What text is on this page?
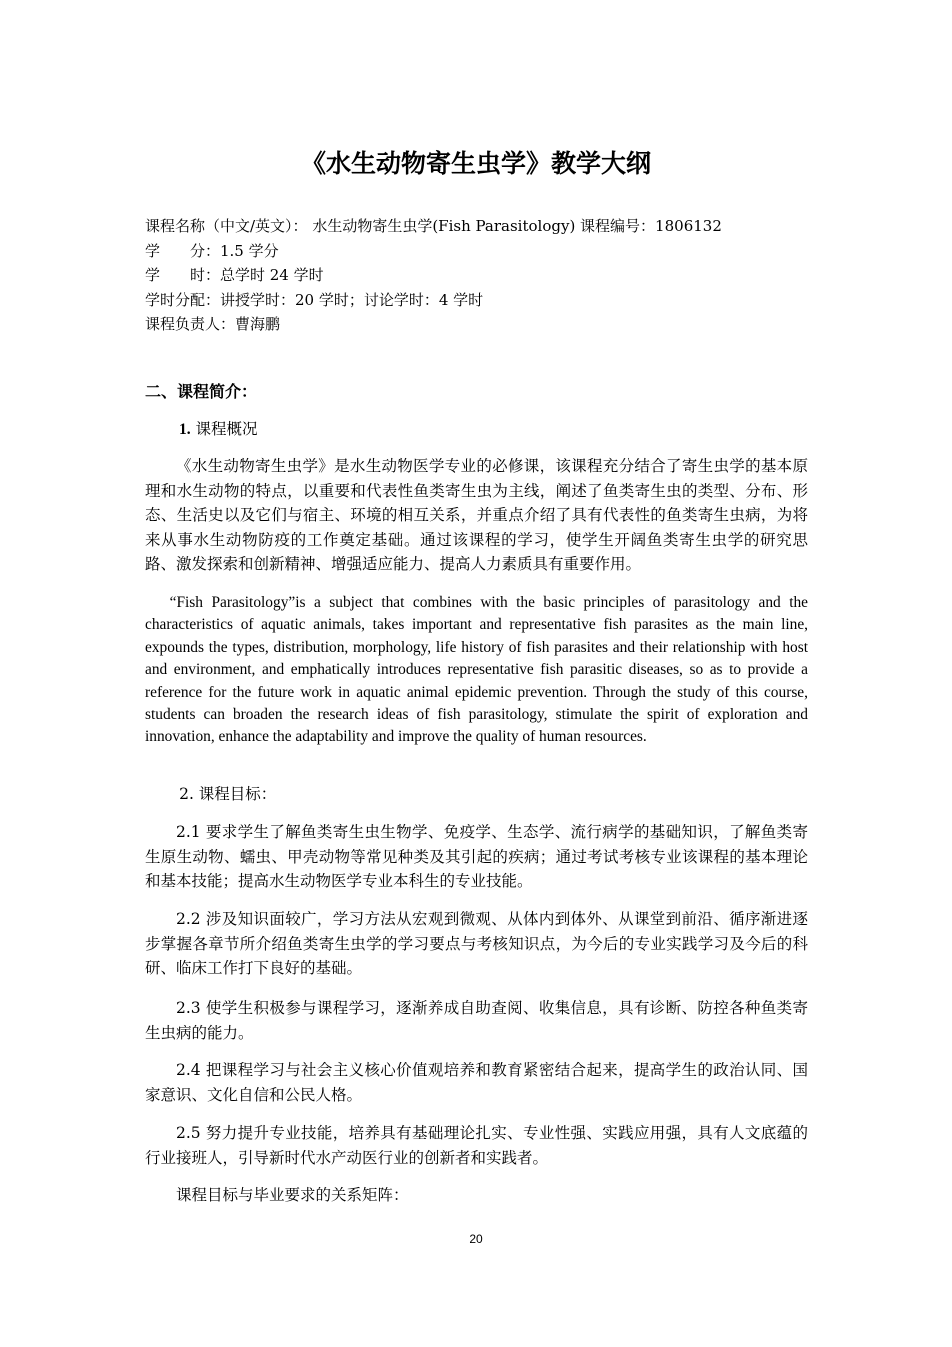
《水生动物寄生虫学》教学大纲
课程名称（中文/英文）： 水生动物寄生虫学(Fish Parasitology) 课程编号：1806132
学　　分：1.5 学分
学　　时：总学时 24 学时
学时分配：讲授学时：20 学时；讨论学时：4 学时
课程负责人：曹海鹏
二、课程简介：
1. 课程概况

《水生动物寄生虫学》是水生动物医学专业的必修课，该课程充分结合了寄生虫学的基本原理和水生动物的特点，以重要和代表性鱼类寄生虫为主线，阐述了鱼类寄生虫的类型、分布、形态、生活史以及它们与宿主、环境的相互关系，并重点介绍了具有代表性的鱼类寄生虫病，为将来从事水生动物防疫的工作奠定基础。通过该课程的学习，使学生开阔鱼类寄生虫学的研究思路、激发探索和创新精神、增强适应能力、提高人力素质具有重要作用。

“Fish Parasitology”is a subject that combines with the basic principles of parasitology and the characteristics of aquatic animals, takes important and representative fish parasites as the main line, expounds the types, distribution, morphology, life history of fish parasites and their relationship with host and environment, and emphatically introduces representative fish parasitic diseases, so as to provide a reference for the future work in aquatic animal epidemic prevention. Through the study of this course, students can broaden the research ideas of fish parasitology, stimulate the spirit of exploration and innovation, enhance the adaptability and improve the quality of human resources.

2. 课程目标：

2.1 要求学生了解鱼类寄生虫生物学、免疫学、生态学、流行病学的基础知识，了解鱼类寄生原生动物、蠕虫、甲壳动物等常见种类及其引起的疾病；通过考试考核专业该课程的基本理论和基本技能；提高水生动物医学专业本科生的专业技能。

2.2 涉及知识面较广，学习方法从宏观到微观、从体内到体外、从课堂到前沿、循序渐进逐步掌握各章节所介绍鱼类寄生虫学的学习要点与考核知识点，为今后的专业实践学习及今后的科研、临床工作打下良好的基础。

2.3 使学生积极参与课程学习，逐渐养成自助查阅、收集信息，具有诊断、防控各种鱼类寄生虫病的能力。

2.4 把课程学习与社会主义核心价值观培养和教育紧密结合起来，提高学生的政治认同、国家意识、文化自信和公民人格。

2.5 努力提升专业技能，培养具有基础理论扎实、专业性强、实践应用强，具有人文底蕴的行业接班人，引导新时代水产动医行业的创新者和实践者。

课程目标与毕业要求的关系矩阵：

20
